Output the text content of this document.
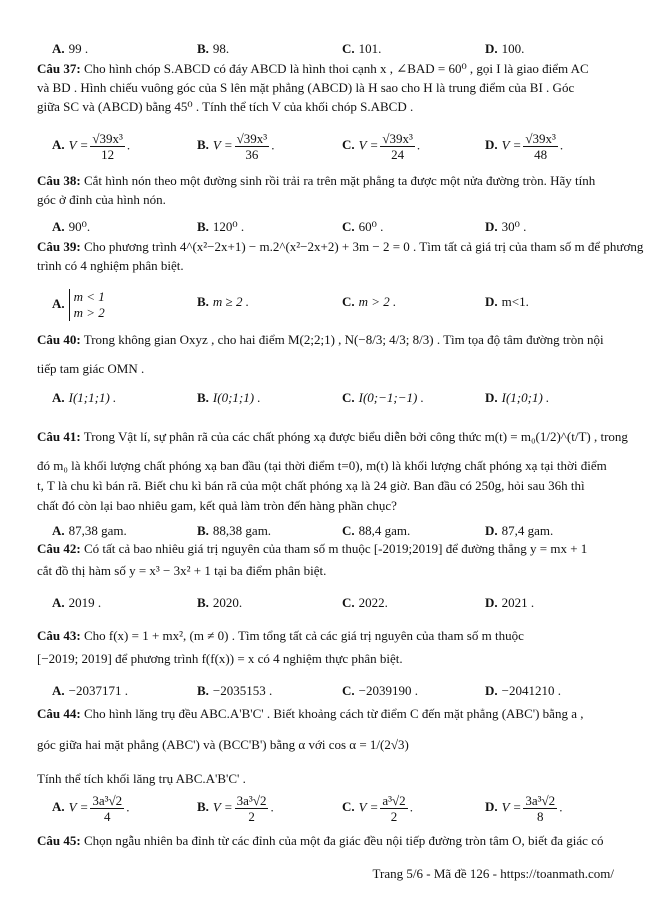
A. 99 .	B. 98.	C. 101.	D. 100.
Câu 37: Cho hình chóp S.ABCD có đáy ABCD là hình thoi cạnh x , ∠BAD = 60⁰ , gọi I là giao điểm AC
và BD . Hình chiếu vuông góc của S lên mặt phẳng (ABCD) là H sao cho H là trung điểm của BI . Góc
giữa SC và (ABCD) bằng 45⁰ . Tính thể tích V của khối chóp S.ABCD .
A. $V = \frac{\text{√39x³}}{12}$ .	B. $V = \frac{\text{√39x³}}{36}$ .	C. $V = \frac{\text{√39x³}}{24}$ .	D. $V = \frac{\text{√39x³}}{48}$ .
Câu 38: Cắt hình nón theo một đường sinh rồi trải ra trên mặt phẳng ta được một nửa đường tròn. Hãy tính
góc ở đỉnh của hình nón.
A. 90⁰.	B. 120⁰ .	C. 60⁰ .	D. 30⁰ .
Câu 39: Cho phương trình 4^(x²−2x+1) − m.2^(x²−2x+2) + 3m − 2 = 0 . Tìm tất cả giá trị của tham số m để phương
trình có 4 nghiệm phân biệt.
A. m < 1
m > 2
B. m ≥ 2 .	C. m > 2 .	D. m<1.
Câu 40: Trong không gian Oxyz , cho hai điểm M(2;2;1) , N(−8/3; 4/3; 8/3) . Tìm tọa độ tâm đường tròn nội
tiếp tam giác OMN .
A. I(1;1;1) .	B. I(0;1;1) .	C. I(0;−1;−1) .	D. I(1;0;1) .
Câu 41: Trong Vật lí, sự phân rã của các chất phóng xạ được biểu diễn bởi công thức m(t) = m₀(1/2)^(t/T) , trong
đó m₀ là khối lượng chất phóng xạ ban đầu (tại thời điểm t=0), m(t) là khối lượng chất phóng xạ tại thời điểm
t, T là chu kì bán rã. Biết chu kì bán rã của một chất phóng xạ là 24 giờ. Ban đầu có 250g, hỏi sau 36h thì
chất đó còn lại bao nhiêu gam, kết quả làm tròn đến hàng phần chục?
A. 87,38 gam.	B. 88,38 gam.	C. 88,4 gam.	D. 87,4 gam.
Câu 42: Có tất cả bao nhiêu giá trị nguyên của tham số m thuộc [-2019;2019] để đường thẳng y = mx + 1
cắt đồ thị hàm số y = x³ − 3x² + 1 tại ba điểm phân biệt.
A. 2019 .	B. 2020.	C. 2022.	D. 2021 .
Câu 43: Cho f(x) = 1 + mx², (m ≠ 0) . Tìm tổng tất cả các giá trị nguyên của tham số m thuộc
[−2019; 2019] để phương trình f(f(x)) = x có 4 nghiệm thực phân biệt.
A. −2037171 .	B. −2035153 .	C. −2039190 .	D. −2041210 .
Câu 44: Cho hình lăng trụ đều ABC.A'B'C' . Biết khoảng cách từ điểm C đến mặt phẳng (ABC') bằng a ,
góc giữa hai mặt phẳng (ABC') và (BCC'B') bằng α với cos α = 1/(2√3)
Tính thể tích khối lăng trụ ABC.A'B'C' .
A. $V = \frac{\text{3a³√2}}{4}$ .	B. $V = \frac{\text{3a³√2}}{2}$ .	C. $V = \frac{\text{a³√2}}{2}$ .	D. $V = \frac{\text{3a³√2}}{8}$ .
Câu 45: Chọn ngẫu nhiên ba đỉnh từ các đỉnh của một đa giác đều nội tiếp đường tròn tâm O, biết đa giác có
Trang 5/6 - Mã đề 126 - https://toanmath.com/
